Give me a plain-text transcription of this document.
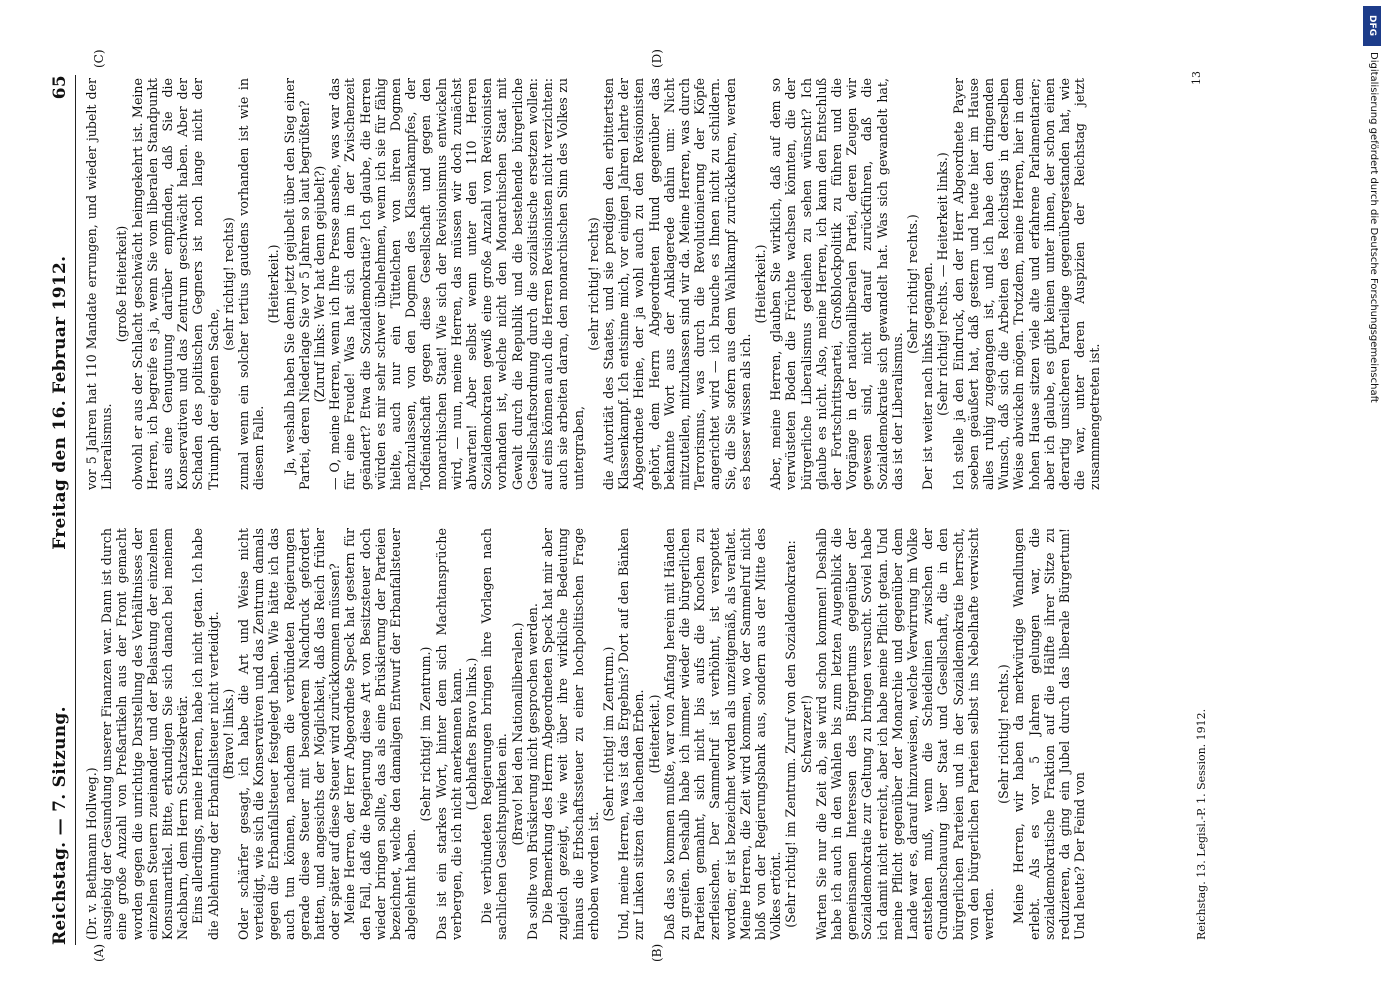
Reichstag. — 7. Sitzung.
Freitag den 16. Februar 1912.
65
(A)	(B)
(C)	(D)

(Dr. v. Bethmann Hollweg.) ausgiebig der Gesundung unserer Finanzen war. Dann ist durch eine große Anzahl von Preßartikeln aus der Front gemacht worden gegen die unrichtige Darstellung des Verhältnisses der einzelnen Steuern zueinander und der Belastung der einzelnen Konsumartikel. Bitte, erkundigen Sie sich danach bei meinem Nachbarn, dem Herrn Schatzsekretär. Eins allerdings, meine Herren, habe ich nicht getan. Ich habe die Ablehnung der Erbanfallsteuer nicht verteidigt. (Bravo! links.) Oder schärfer gesagt, ich habe die Art und Weise nicht verteidigt, wie sich die Konservativen und das Zentrum damals gegen die Erbanfallsteuer festgelegt haben. Wie hätte ich das auch tun können, nachdem die verbündeten Regierungen gerade diese Steuer mit besonderem Nachdruck gefordert hatten, und angesichts der Möglichkeit, daß das Reich früher oder später auf diese Steuer wird zurückkommen müssen? Meine Herren, der Herr Abgeordnete Speck hat gestern für den Fall, daß die Regierung diese Art von Besitzsteuer doch wieder bringen sollte, das als eine Brüskierung der Parteien bezeichnet, welche den damaligen Entwurf der Erbanfallsteuer abgelehnt haben.

(Sehr richtig! im Zentrum.) Das ist ein starkes Wort, hinter dem sich Machtansprüche verbergen, die ich nicht anerkennen kann. (Lebhaftes Bravo links.) Die verbündeten Regierungen bringen ihre Vorlagen nach sachlichen Gesichtspunkten ein. (Bravo! bei den Nationalliberalen.) Da sollte von Brüskierung nicht gesprochen werden. Die Bemerkung des Herrn Abgeordneten Speck hat mir aber zugleich gezeigt, wie weit über ihre wirkliche Bedeutung hinaus die Erbschaftssteuer zu einer hochpolitischen Frage erhoben worden ist.

(Sehr richtig! im Zentrum.) Und, meine Herren, was ist das Ergebnis? Dort auf den Bänken zur Linken sitzen die lachenden Erben. (Heiterkeit.) Daß das so kommen mußte, war von Anfang herein mit Händen zu greifen. Deshalb habe ich immer wieder die bürgerlichen Parteien gemahnt, sich nicht bis aufs die Knochen zu zerfleischen. Der Sammelruf ist verhöhnt, ist verspottet worden; er ist bezeichnet worden als unzeitgemäß, als veraltet. Meine Herren, die Zeit wird kommen, wo der Sammelruf nicht bloß von der Regierungsbank aus, sondern aus der Mitte des Volkes ertönt. (Sehr richtig! im Zentrum. Zuruf von den Sozialdemokraten: Schwarzer!) Warten Sie nur die Zeit ab, sie wird schon kommen! Deshalb habe ich auch in den Wahlen bis zum letzten Augenblick die gemeinsamen Interessen des Bürgertums gegenüber der Sozialdemokratie zur Geltung zu bringen versucht. Soviel habe ich damit nicht erreicht, aber ich habe meine Pflicht getan. Und meine Pflicht gegenüber der Monarchie und gegenüber dem Lande war es, darauf hinzuweisen, welche Verwirrung im Volke entstehen muß, wenn die Scheidelinien zwischen der Grundanschauung über Staat und Gesellschaft, die in den bürgerlichen Parteien und in der Sozialdemokratie herrscht, von den bürgerlichen Parteien selbst ins Nebelhafte verwischt werden.

(Sehr richtig! rechts.) Meine Herren, wir haben da merkwürdige Wandlungen erlebt. Als es vor 5 Jahren gelungen war, die sozialdemokratische Fraktion auf die Hälfte ihrer Sitze zu reduzieren, da ging ein Jubel durch das liberale Bürgertum! Und heute? Der Feind von

vor 5 Jahren hat 110 Mandate errungen, und wieder jubelt der Liberalismus.

(große Heiterkeit) obwohl er aus der Schlacht geschwächt heimgekehrt ist. Meine Herren, ich begreife es ja, wenn Sie vom liberalen Standpunkt aus eine Genugtuung darüber empfinden, daß Sie die Konservativen und das Zentrum geschwächt haben. Aber der Schaden des politischen Gegners ist noch lange nicht der Triumph der eigenen Sache,

(sehr richtig! rechts) zumal wenn ein solcher tertius gaudens vorhanden ist wie in diesem Falle.

(Heiterkeit.) Ja, weshalb haben Sie denn jetzt gejubelt über den Sieg einer Partei, deren Niederlage Sie vor 5 Jahren so laut begrüßten? (Zuruf links: Wer hat denn gejubelt?) — O, meine Herren, wenn ich Ihre Presse ansehe, was war das für eine Freude! Was hat sich denn in der Zwischenzeit geändert? Etwa die Sozialdemokratie? Ich glaube, die Herren würden es mir sehr schwer übelnehmen, wenn ich sie für fähig hielte, auch nur ein Tüttelchen von ihren Dogmen nachzulassen, von den Dogmen des Klassenkampfes, der Todfeindschaft gegen diese Gesellschaft und gegen den monarchischen Staat! Wie sich der Revisionismus entwickeln wird, — nun, meine Herren, das müssen wir doch zunächst abwarten! Aber selbst wenn unter den 110 Herren Sozialdemokraten gewiß eine große Anzahl von Revisionisten vorhanden ist, welche nicht den Monarchischen Staat mit Gewalt durch die Republik und die bestehende bürgerliche Gesellschaftsordnung durch die sozialistische ersetzen wollen: auf eins können auch die Herren Revisionisten nicht verzichten: auch sie arbeiten daran, den monarchischen Sinn des Volkes zu untergraben,

(sehr richtig! rechts) die Autorität des Staates, und sie predigen den erbittertsten Klassenkampf. Ich entsinne mich, vor einigen Jahren lehrte der Abgeordnete Heine, der ja wohl auch zu den Revisionisten gehört, dem Herrn Abgeordneten Hund gegenüber das bekannte Wort aus der Anklagerede dahin um: Nicht mitzuteilen, mitzuhassen sind wir da. Meine Herren, was durch Terrorismus, was durch die Revolutionierung der Köpfe angerichtet wird — ich brauche es Ihnen nicht zu schildern. Sie, die Sie sofern aus dem Wahlkampf zurückkehren, werden es besser wissen als ich.

(Heiterkeit.) Aber, meine Herren, glauben Sie wirklich, daß auf dem so verwüsteten Boden die Früchte wachsen könnten, die der bürgerliche Liberalismus gedeihen zu sehen wünscht? Ich glaube es nicht. Also, meine Herren, ich kann den Entschluß der Fortschrittspartei, Großblockpolitik zu führen und die Vorgänge in der nationalliberalen Partei, deren Zeugen wir gewesen sind, nicht darauf zurückführen, daß die Sozialdemokratie sich gewandelt hat. Was sich gewandelt hat, das ist der Liberalismus.

(Sehr richtig! rechts.) Der ist weiter nach links gegangen. (Sehr richtig! rechts. — Heiterkeit links.) Ich stelle ja den Eindruck, den der Herr Abgeordnete Payer soeben geäußert hat, daß gestern und heute hier im Hause alles ruhig zugegangen ist, und ich habe den dringenden Wunsch, daß sich die Arbeiten des Reichstags in derselben Weise abwickeln mögen. Trotzdem, meine Herren, hier in dem hohen Hause sitzen viele alte und erfahrene Parlamentarier; aber ich glaube, es gibt keinen unter ihnen, der schon einen derartig unsicheren Parteilage gegenübergestanden hat, wie die war, unter deren Auspizien der Reichstag jetzt zusammengetreten ist.

Reichstag. 13. Legisl.-P. 1. Session. 1912.
13
DFG
Digitalisierung gefördert durch die Deutsche Forschungsgemeinschaft
